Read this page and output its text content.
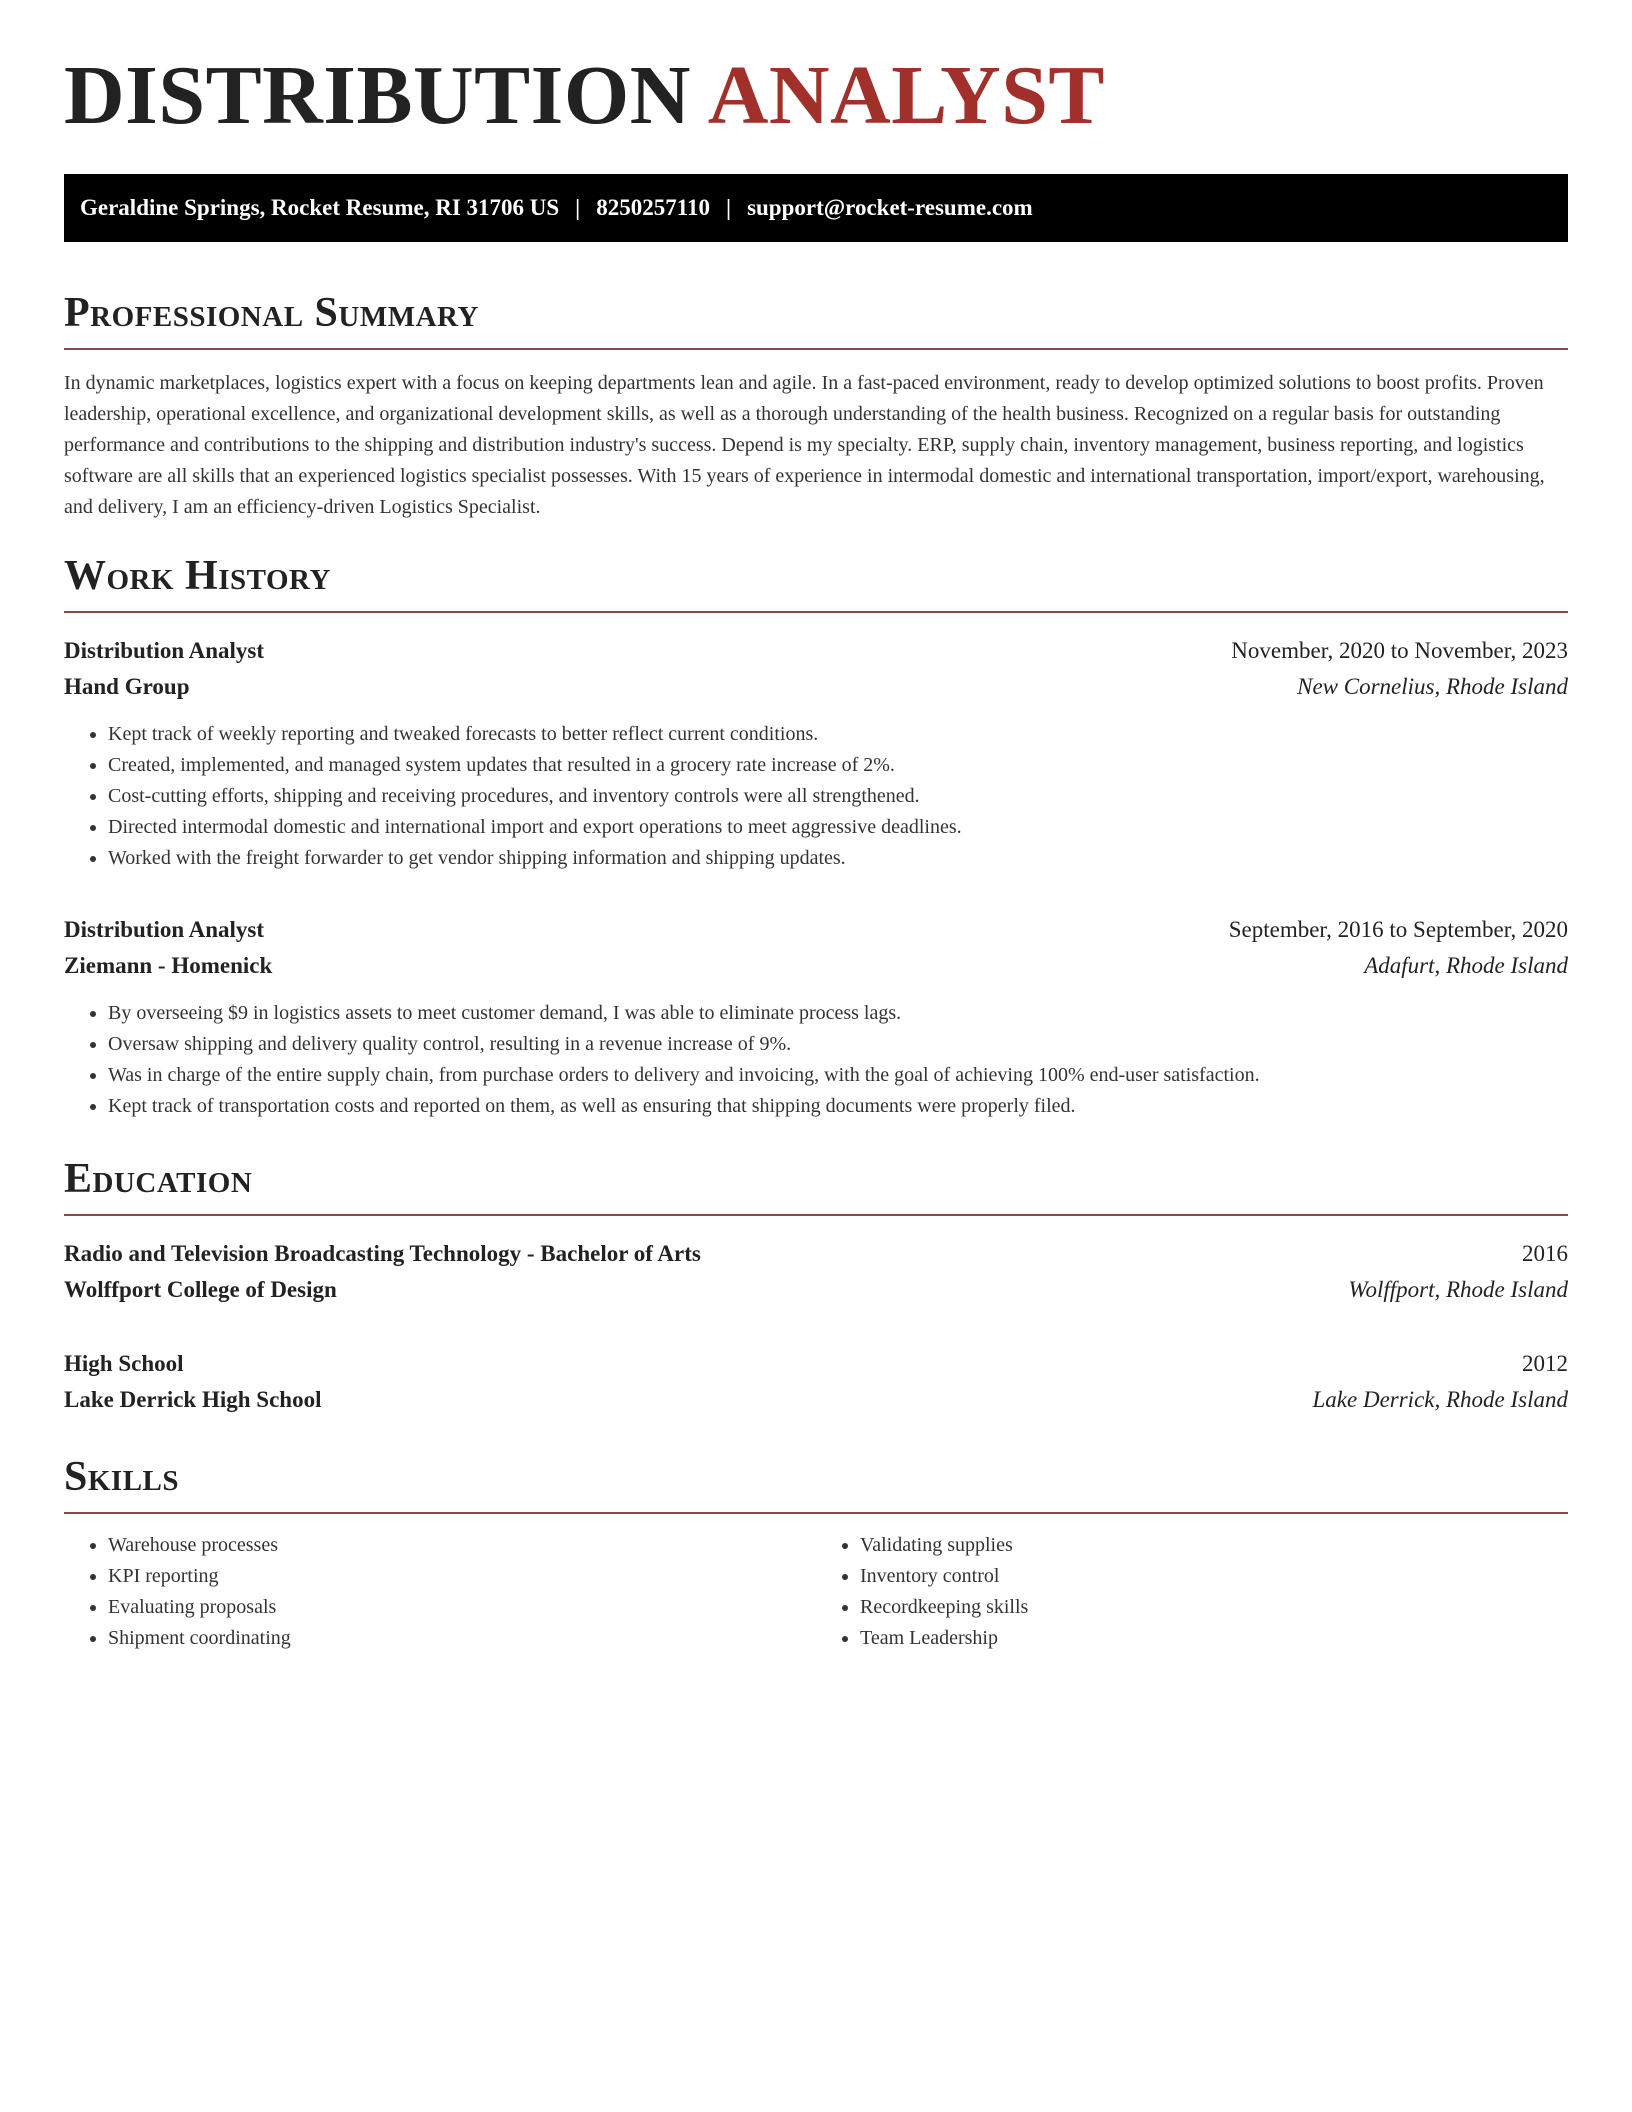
DISTRIBUTION ANALYST
Geraldine Springs, Rocket Resume, RI 31706 US | 8250257110 | support@rocket-resume.com
Professional Summary

In dynamic marketplaces, logistics expert with a focus on keeping departments lean and agile. In a fast-paced environment, ready to develop optimized solutions to boost profits. Proven leadership, operational excellence, and organizational development skills, as well as a thorough understanding of the health business. Recognized on a regular basis for outstanding performance and contributions to the shipping and distribution industry's success. Depend is my specialty. ERP, supply chain, inventory management, business reporting, and logistics software are all skills that an experienced logistics specialist possesses. With 15 years of experience in intermodal domestic and international transportation, import/export, warehousing, and delivery, I am an efficiency-driven Logistics Specialist.

Work History
Distribution Analyst	November, 2020 to November, 2023
Hand Group	New Cornelius, Rhode Island
• Kept track of weekly reporting and tweaked forecasts to better reflect current conditions.
• Created, implemented, and managed system updates that resulted in a grocery rate increase of 2%.
• Cost-cutting efforts, shipping and receiving procedures, and inventory controls were all strengthened.
• Directed intermodal domestic and international import and export operations to meet aggressive deadlines.
• Worked with the freight forwarder to get vendor shipping information and shipping updates.
Distribution Analyst	September, 2016 to September, 2020
Ziemann - Homenick	Adafurt, Rhode Island
• By overseeing $9 in logistics assets to meet customer demand, I was able to eliminate process lags.
• Oversaw shipping and delivery quality control, resulting in a revenue increase of 9%.
• Was in charge of the entire supply chain, from purchase orders to delivery and invoicing, with the goal of achieving 100% end-user satisfaction.
• Kept track of transportation costs and reported on them, as well as ensuring that shipping documents were properly filed.
Education
Radio and Television Broadcasting Technology - Bachelor of Arts	2016
Wolffport College of Design	Wolffport, Rhode Island
High School	2012
Lake Derrick High School	Lake Derrick, Rhode Island
Skills
• Warehouse processes
• KPI reporting
• Evaluating proposals
• Shipment coordinating
• Validating supplies
• Inventory control
• Recordkeeping skills
• Team Leadership
